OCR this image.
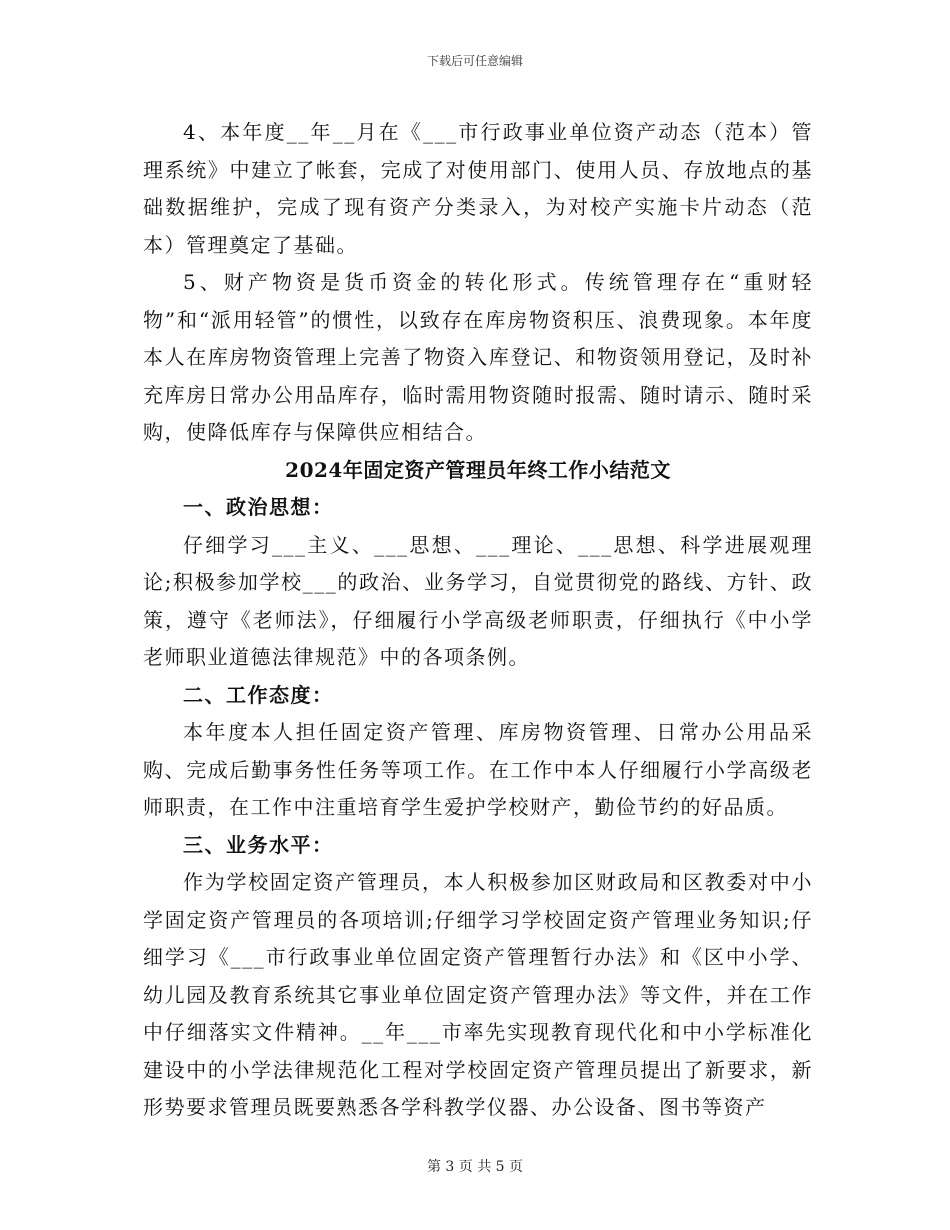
下载后可任意编辑

4、本年度__年__月在《___市行政事业单位资产动态（范本）管理系统》中建立了帐套，完成了对使用部门、使用人员、存放地点的基础数据维护，完成了现有资产分类录入，为对校产实施卡片动态（范本）管理奠定了基础。

5、财产物资是货币资金的转化形式。传统管理存在“重财轻物”和“派用轻管”的惯性，以致存在库房物资积压、浪费现象。本年度本人在库房物资管理上完善了物资入库登记、和物资领用登记，及时补充库房日常办公用品库存，临时需用物资随时报需、随时请示、随时采购，使降低库存与保障供应相结合。

2024年固定资产管理员年终工作小结范文

一、政治思想：

仔细学习___主义、___思想、___理论、___思想、科学进展观理论;积极参加学校___的政治、业务学习，自觉贯彻党的路线、方针、政策，遵守《老师法》，仔细履行小学高级老师职责，仔细执行《中小学老师职业道德法律规范》中的各项条例。

二、工作态度：

本年度本人担任固定资产管理、库房物资管理、日常办公用品采购、完成后勤事务性任务等项工作。在工作中本人仔细履行小学高级老师职责，在工作中注重培育学生爱护学校财产，勤俭节约的好品质。

三、业务水平：

作为学校固定资产管理员，本人积极参加区财政局和区教委对中小学固定资产管理员的各项培训;仔细学习学校固定资产管理业务知识;仔细学习《___市行政事业单位固定资产管理暂行办法》和《区中小学、幼儿园及教育系统其它事业单位固定资产管理办法》等文件，并在工作中仔细落实文件精神。__年___市率先实现教育现代化和中小学标准化建设中的小学法律规范化工程对学校固定资产管理员提出了新要求，新形势要求管理员既要熟悉各学科教学仪器、办公设备、图书等资产

第 3 页 共 5 页
